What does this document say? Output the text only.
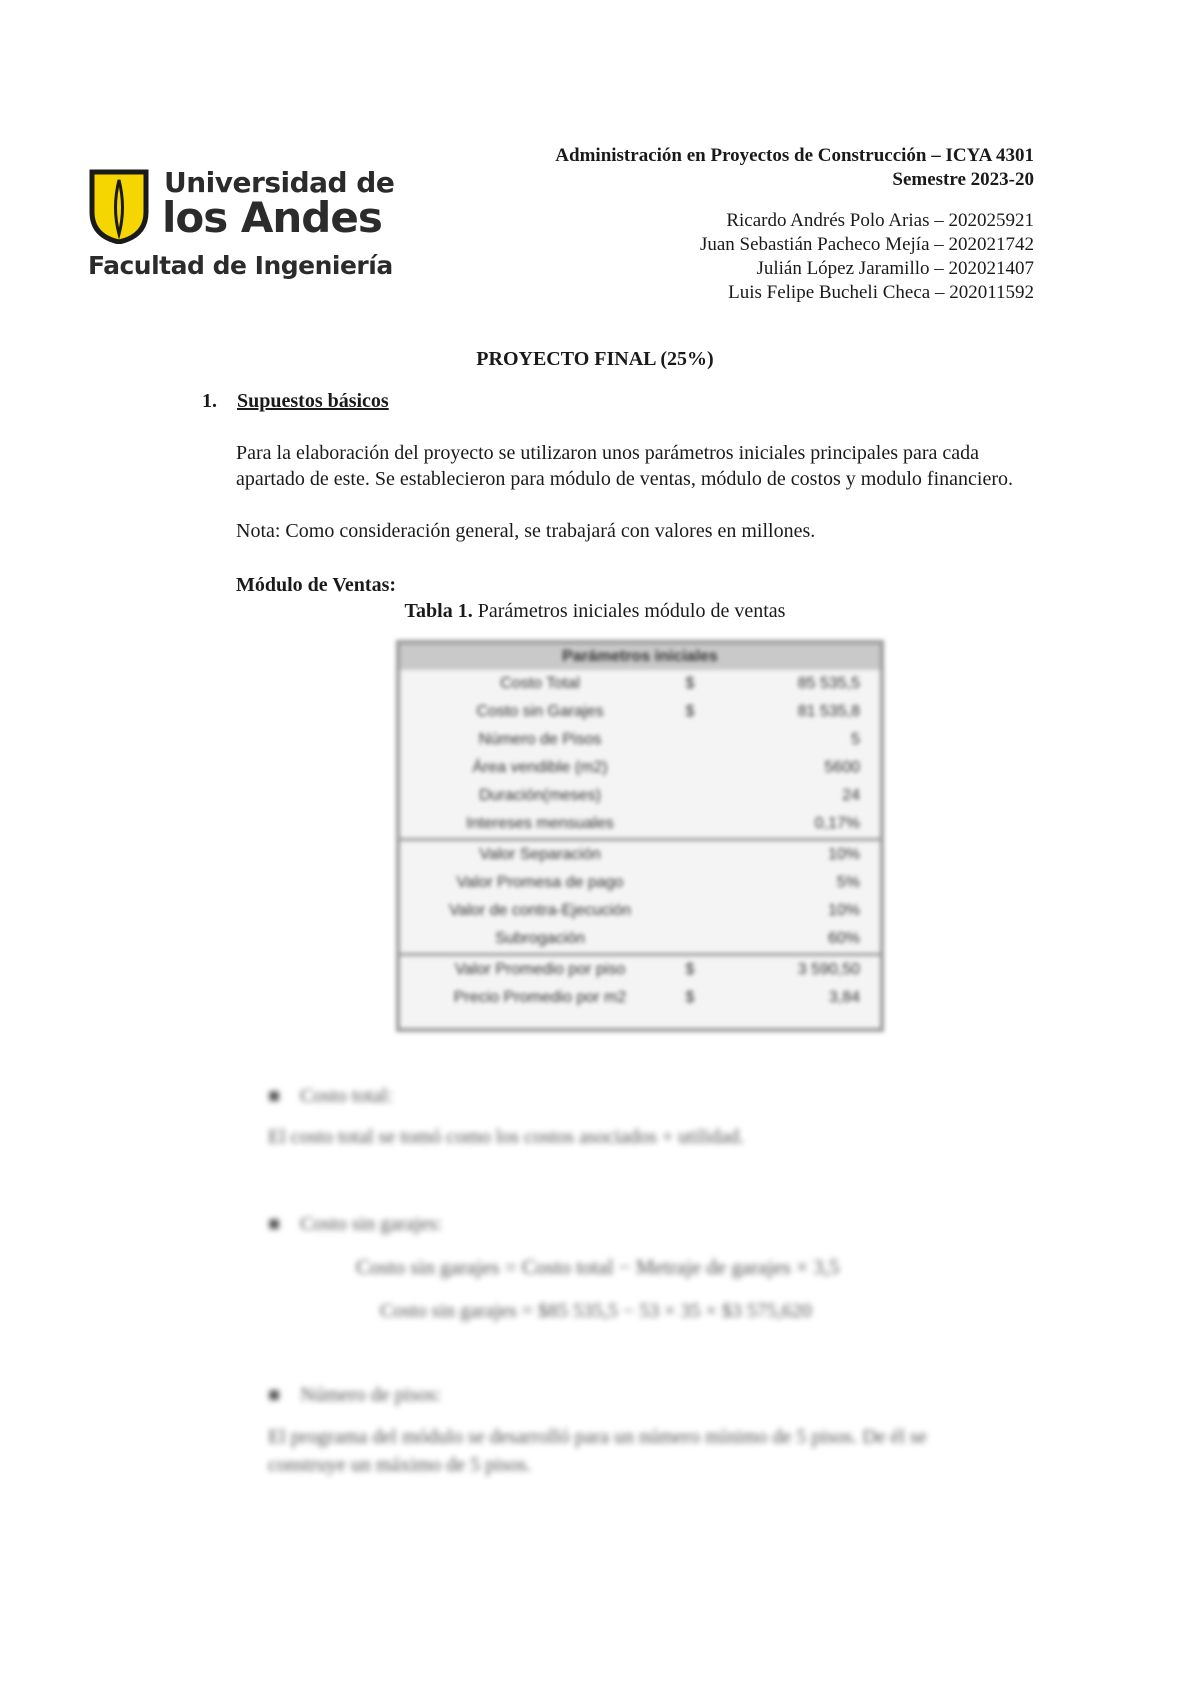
Universidad de
los Andes
Facultad de Ingeniería
Administración en Proyectos de Construcción – ICYA 4301
Semestre 2023-20
Ricardo Andrés Polo Arias – 202025921
Juan Sebastián Pacheco Mejía – 202021742
Julián López Jaramillo – 202021407
Luis Felipe Bucheli Checa – 202011592
PROYECTO FINAL (25%)
1. Supuestos básicos
Para la elaboración del proyecto se utilizaron unos parámetros iniciales principales para cada apartado de este. Se establecieron para módulo de ventas, módulo de costos y modulo financiero.
Nota: Como consideración general, se trabajará con valores en millones.
Módulo de Ventas:
Tabla 1. Parámetros iniciales módulo de ventas
Parámetros iniciales
Costo Total	$	85 535,5
Costo sin Garajes	$	81 535,8
Número de Pisos	5
Área vendible (m2)	5600
Duración(meses)	24
Intereses mensuales	0,17%
Valor Separación	10%
Valor Promesa de pago	5%
Valor de contra-Ejecución	10%
Subrogación	60%
Valor Promedio por piso	$	3 590,50
Precio Promedio por m2	$	3,84
■    Costo total:
El costo total se tomó como los costos asociados + utilidad.
■    Costo sin garajes:
Costo sin garajes = Costo total − Metraje de garajes × 3,5
Costo sin garajes = $85 535,5 − 53 × 35 × $3 575,620
■    Número de pisos:
El programa del módulo se desarrolló para un número mínimo de 5 pisos. De él se construye un máximo de 5 pisos.
